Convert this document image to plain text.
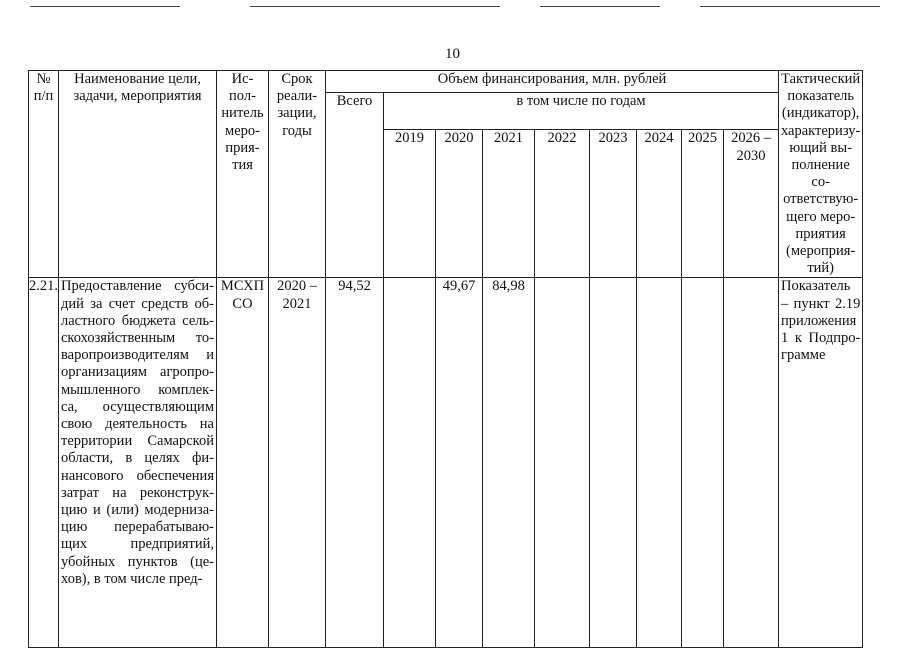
10
№ п/п	Наименование цели, задачи, мероприятия	Ис- пол- нитель меро- прия- тия	Срок реали- зации, годы	Объем финансирования, млн. рублей									Тактический показатель (индикатор), характеризу- ющий вы- полнение со- ответствую- щего меро- приятия (мероприя- тий)
				Всего	в том числе по годам								
					2019	2020	2021	2022	2023	2024	2025	2026 – 2030	
2.21.	Предоставление субси- дий за счет средств об- ластного бюджета сель- скохозяйственным то- варопроизводителям и организациям агропро- мышленного комплек- са, осуществляющим свою деятельность на территории Самарской области, в целях фи- нансового обеспечения затрат на реконструк- цию и (или) модерниза- цию перерабатываю- щих предприятий, убойных пунктов (це- хов), в том числе пред-	МСХП СО	2020 – 2021	94,52		49,67	84,98						Показатель – пункт 2.19 приложения 1 к Подпро- грамме
